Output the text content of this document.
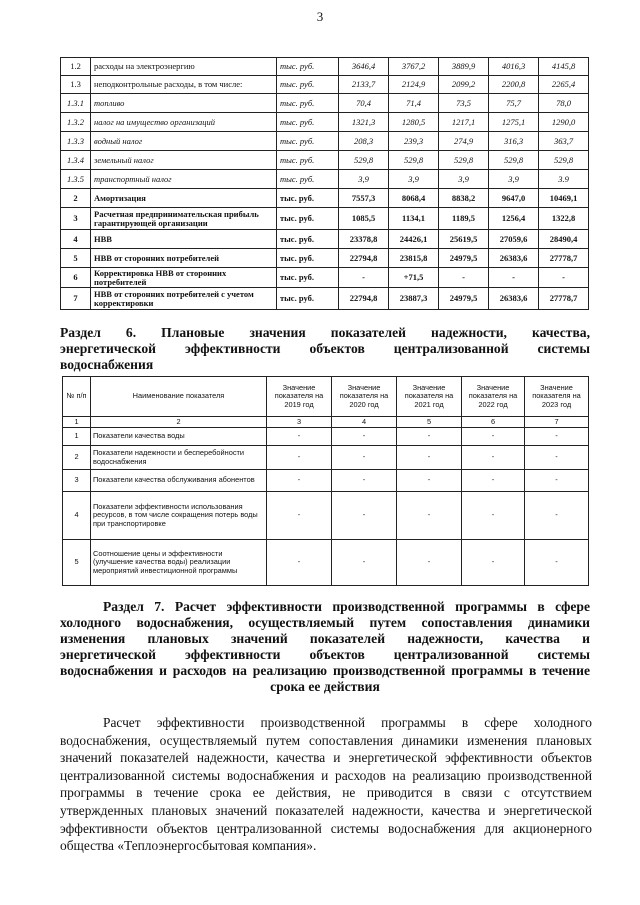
3
1.2	расходы на электроэнергию	тыс. руб.	3646,4	3767,2	3889,9	4016,3	4145,8
1.3	неподконтрольные расходы, в том числе:	тыс. руб.	2133,7	2124,9	2099,2	2200,8	2265,4
1.3.1	топливо	тыс. руб.	70,4	71,4	73,5	75,7	78,0
1.3.2	налог на имущество организаций	тыс. руб.	1321,3	1280,5	1217,1	1275,1	1290,0
1.3.3	водный налог	тыс. руб.	208,3	239,3	274,9	316,3	363,7
1.3.4	земельный налог	тыс. руб.	529,8	529,8	529,8	529,8	529,8
1.3.5	транспортный налог	тыс. руб.	3,9	3,9	3,9	3,9	3.9
2	Амортизация	тыс. руб.	7557,3	8068,4	8838,2	9647,0	10469,1
3	Расчетная предпринимательская прибыль гарантирующей организации	тыс. руб.	1085,5	1134,1	1189,5	1256,4	1322,8
4	НВВ	тыс. руб.	23378,8	24426,1	25619,5	27059,6	28490,4
5	НВВ от сторонних потребителей	тыс. руб.	22794,8	23815,8	24979,5	26383,6	27778,7
6	Корректировка НВВ от сторонних потребителей	тыс. руб.	-	+71,5	-	-	-
7	НВВ от сторонних потребителей с учетом корректировки	тыс. руб.	22794,8	23887,3	24979,5	26383,6	27778,7
Раздел 6. Плановые значения показателей надежности, качества,
энергетической эффективности объектов централизованной системы
водоснабжения
№ п/п	Наименование показателя	Значение показателя на 2019 год	Значение показателя на 2020 год	Значение показателя на 2021 год	Значение показателя на 2022 год	Значение показателя на 2023 год
1	2	3	4	5	6	7
1	Показатели качества воды	-	-	-	-	-
2	Показатели надежности и бесперебойности водоснабжения	-	-	-	-	-
3	Показатели качества обслуживания абонентов	-	-	-	-	-
4	Показатели эффективности использования ресурсов, в том числе сокращения потерь воды при транспортировке	-	-	-	-	-
5	Соотношение цены и эффективности (улучшение качества воды) реализации мероприятий инвестиционной программы	-	-	-	-	-
Раздел 7. Расчет эффективности производственной программы в сфере
холодного водоснабжения, осуществляемый путем сопоставления динамики
изменения плановых значений показателей надежности, качества и
энергетической эффективности объектов централизованной системы
водоснабжения и расходов на реализацию производственной программы в течение
срока ее действия
Расчет эффективности производственной программы в сфере холодного
водоснабжения, осуществляемый путем сопоставления динамики изменения плановых
значений показателей надежности, качества и энергетической эффективности объектов
централизованной системы водоснабжения и расходов на реализацию производственной
программы в течение срока ее действия, не приводится в связи с отсутствием
утвержденных плановых значений показателей надежности, качества и энергетической
эффективности объектов централизованной системы водоснабжения для акционерного
общества «Теплоэнергосбытовая компания».
